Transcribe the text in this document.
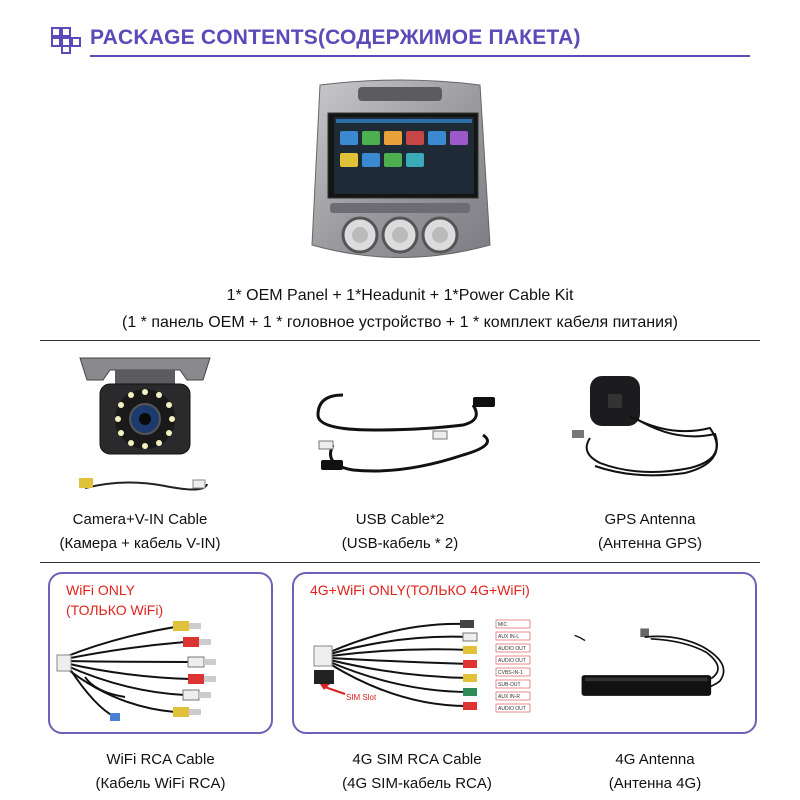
PACKAGE CONTENTS(СОДЕРЖИМОЕ ПАКЕТА)
1* OEM Panel + 1*Headunit + 1*Power Cable Kit
(1 * панель OEM + 1 * головное устройство + 1 * комплект кабеля питания)
Camera+V-IN Cable
(Камера + кабель V-IN)
USB Cable*2
(USB-кабель * 2)
GPS Antenna
(Антенна GPS)
WiFi ONLY
(ТОЛЬКО WiFi)
WiFi RCA Cable
(Кабель WiFi RCA)
4G+WiFi ONLY(ТОЛЬКО 4G+WiFi)
SIM Slot
MIC
AUX IN-L
AUDIO OUT
AUDIO OUT
CVBS-IN-1
SUB-OUT
AUX IN-R
AUDIO OUT
4G SIM RCA Cable
(4G SIM-кабель RCA)
4G Antenna
(Антенна 4G)
